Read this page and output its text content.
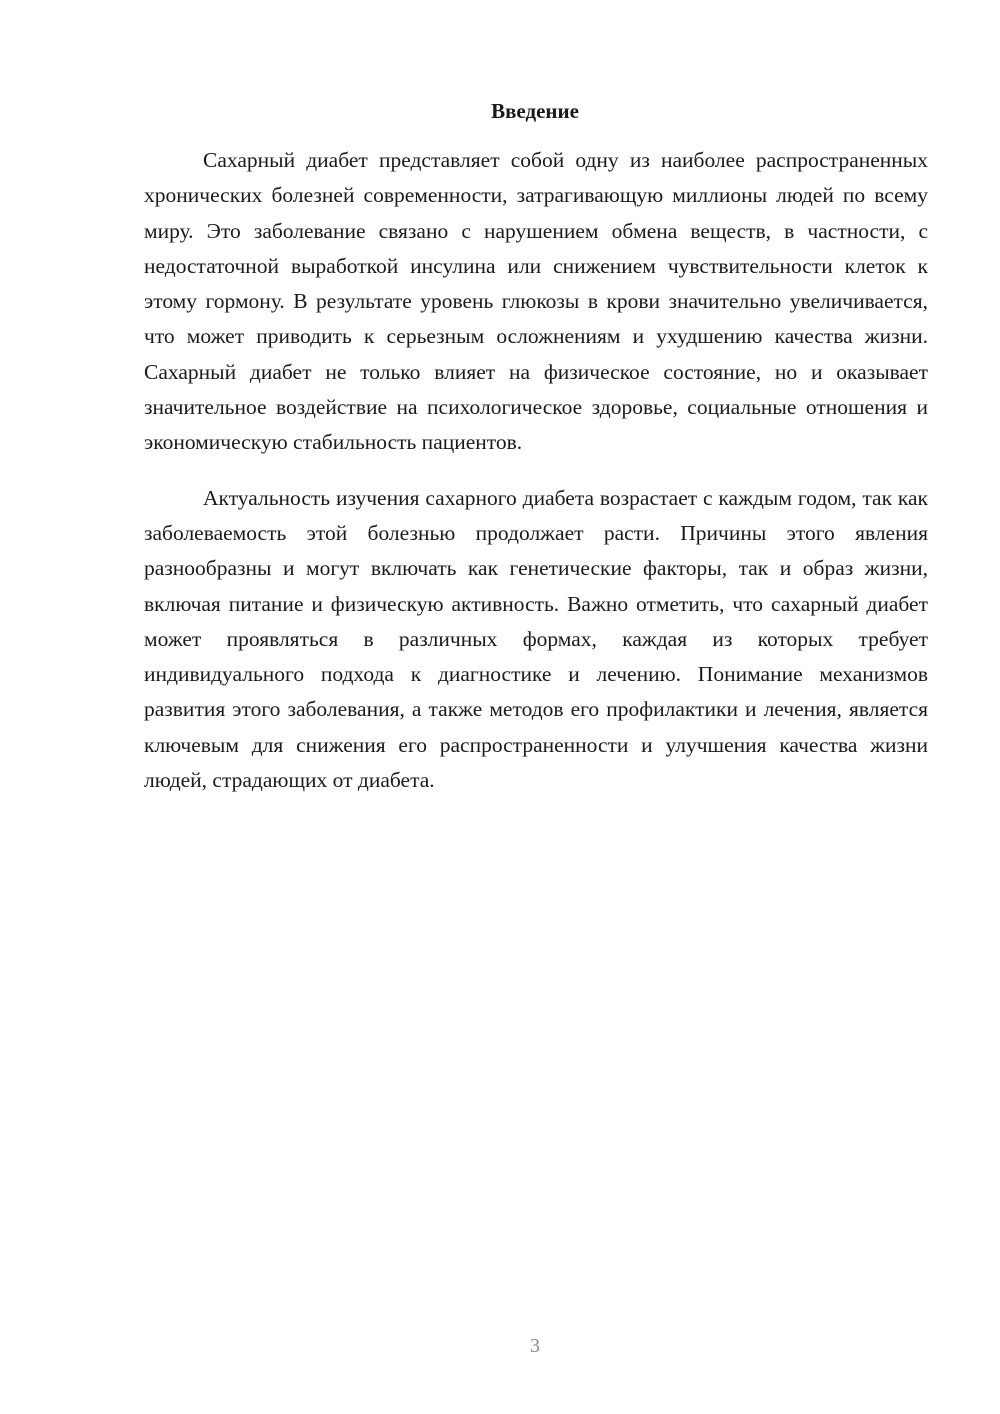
Введение

Сахарный диабет представляет собой одну из наиболее распространенных хронических болезней современности, затрагивающую миллионы людей по всему миру. Это заболевание связано с нарушением обмена веществ, в частности, с недостаточной выработкой инсулина или снижением чувствительности клеток к этому гормону. В результате уровень глюкозы в крови значительно увеличивается, что может приводить к серьезным осложнениям и ухудшению качества жизни. Сахарный диабет не только влияет на физическое состояние, но и оказывает значительное воздействие на психологическое здоровье, социальные отношения и экономическую стабильность пациентов.

Актуальность изучения сахарного диабета возрастает с каждым годом, так как заболеваемость этой болезнью продолжает расти. Причины этого явления разнообразны и могут включать как генетические факторы, так и образ жизни, включая питание и физическую активность. Важно отметить, что сахарный диабет может проявляться в различных формах, каждая из которых требует индивидуального подхода к диагностике и лечению. Понимание механизмов развития этого заболевания, а также методов его профилактики и лечения, является ключевым для снижения его распространенности и улучшения качества жизни людей, страдающих от диабета.

3
